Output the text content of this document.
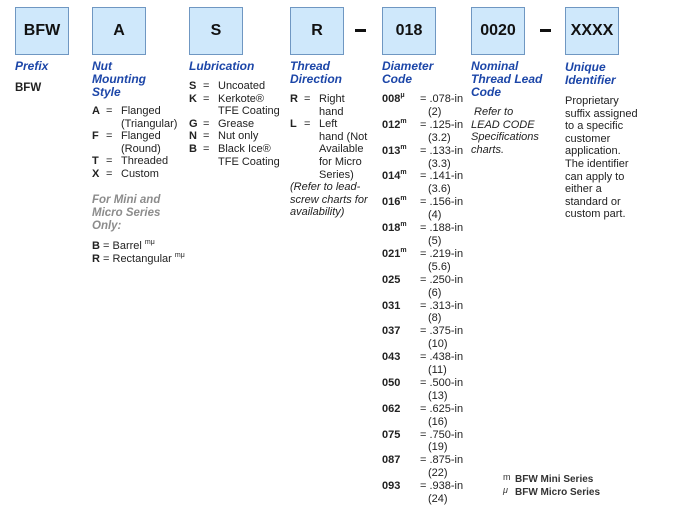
BFW	A	S	R	018	0020	XXXX
Prefix
BFW
Nut
Mounting
Style
A = Flanged
(Triangular)
F = Flanged
(Round)
T = Threaded
X = Custom
For Mini and
Micro Series
Only:
B = Barrel $^{m\mu}$
R = Rectangular $^{m\mu}$
Lubrication
S = Uncoated
K = Kerkote®
TFE Coating
G = Grease
N = Nut only
B = Black Ice®
TFE Coating
Thread
Direction
R = Right
hand
L = Left
hand (Not
Available
for Micro
Series)
(Refer to lead-
screw charts for
availability)
Diameter
Code
$008^\mu$	= .078-in
(2)
$012^m$	= .125-in
(3.2)
$013^m$	= .133-in
(3.3)
$014^m$	= .141-in
(3.6)
$016^m$	= .156-in
(4)
$018^m$	= .188-in
(5)
$021^m$	= .219-in
(5.6)
025	= .250-in
(6)
031	= .313-in
(8)
037	= .375-in
(10)
043	= .438-in
(11)
050	= .500-in
(13)
062	= .625-in
(16)
075	= .750-in
(19)
087	= .875-in
(22)
093	= .938-in
(24)
Nominal
Thread Lead
Code
Refer to
LEAD CODE
Specifications
charts.
Unique
Identifier
Proprietary
suffix assigned
to a specific
customer
application.
The identifier
can apply to
either a
standard or
custom part.
m BFW Mini Series
μ BFW Micro Series
